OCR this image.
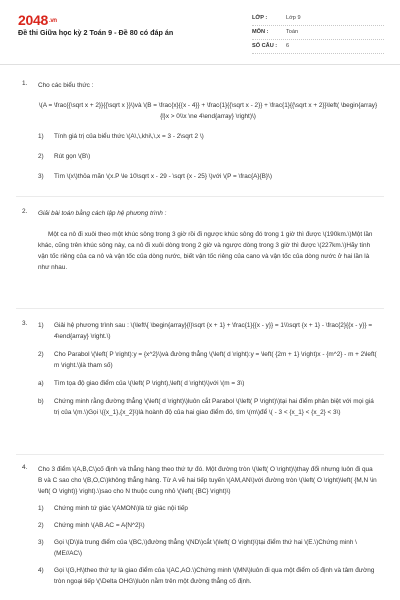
$2048^{.vn}$
Đề thi Giữa học kỳ 2 Toán 9 - Đề 80 có đáp án
LỚP :	Lớp 9
MÔN :	Toán
SỐ CÂU : 6
1. Cho các biểu thức :
\(A = \frac{{\sqrt x + 2}}{{\sqrt x }}\)và \(B = \frac{x}{{x - 4}} + \frac{1}{{\sqrt x - 2}} + \frac{1}{{\sqrt x + 2}}\left( \begin{array}{l}x > 0\\x \ne 4\end{array} \right)\)
1) Tính giá trị của biểu thức \(A\,\,khi\,\,x = 3 - 2\sqrt 2 \)
2) Rút gọn \(B\)
3) Tìm \(x\)thỏa mãn \(x.P \le 10\sqrt x - 29 - \sqrt {x - 25} \)với \(P = \frac{A}{B}\)
2. Giải bài toán bằng cách lập hệ phương trình :
Một ca nô đi xuôi theo một khúc sông trong 3 giờ rồi đi ngược khúc sông đó trong 1 giờ thì được \(190km.\)Một lần khác, cũng trên khúc sông này, ca nô đi xuôi dòng trong 2 giờ và ngược dòng trong 3 giờ thì được \(227km.\)Hãy tính vận tốc riêng của ca nô và vận tốc của dòng nước, biết vận tốc riêng của cano và vận tốc của dòng nước ở hai lần là như nhau.
3. 1) Giải hệ phương trình sau : \(\left\{ \begin{array}{l}\sqrt {x + 1} + \frac{1}{{x - y}} = 1\\\sqrt {x + 1} - \frac{2}{{x - y}} = 4\end{array} \right.\)
2) Cho Parabol \(\left( P \right):y = {x^2}\)và đường thẳng \(\left( d \right):y = \left( {2m + 1} \right)x - {m^2} - m + 2\left( m \right.\)là tham số)
a) Tìm tọa độ giao điểm của \(\left( P \right),\left( d \right)\)với \(m = 3\)
b) Chứng minh rằng đường thẳng \(\left( d \right)\)luôn cắt Parabol \(\left( P \right)\)tại hai điểm phân biệt với mọi giá trị của \(m.\)Gọi \({x_1},{x_2}\)là hoành độ của hai giao điểm đó, tìm \(m\)để \( - 3 < {x_1} < {x_2} < 3\)
4. Cho 3 điểm \(A,B,C\)cố định và thẳng hàng theo thứ tự đó. Một đường tròn \(\left( O \right)\)thay đổi nhưng luôn đi qua B và C sao cho \(B,O,C\)không thẳng hàng. Từ A vẽ hai tiếp tuyến \(AM,AN\)với đường tròn \(\left( O \right)\left( {M,N \in \left( O \right)} \right).\)sao cho N thuộc cung nhỏ \(\left( {BC} \right)\)
1) Chứng minh tứ giác \(AMON\)là tứ giác nội tiếp
2) Chứng minh \(AB.AC = A{N^2}\)
3) Gọi \(D\)là trung điểm của \(BC,\)đường thẳng \(ND\)cắt \(\left( O \right)\)tại điểm thứ hai \(E.\)Chứng minh \(ME//AC\)
4) Gọi \(G,H\)theo thứ tự là giao điểm của \(AC,AO.\)Chứng minh \(MN\)luôn đi qua một điểm cố định và tâm đường tròn ngoại tiếp \(\Delta OHG\)luôn nằm trên một đường thẳng cố định.
